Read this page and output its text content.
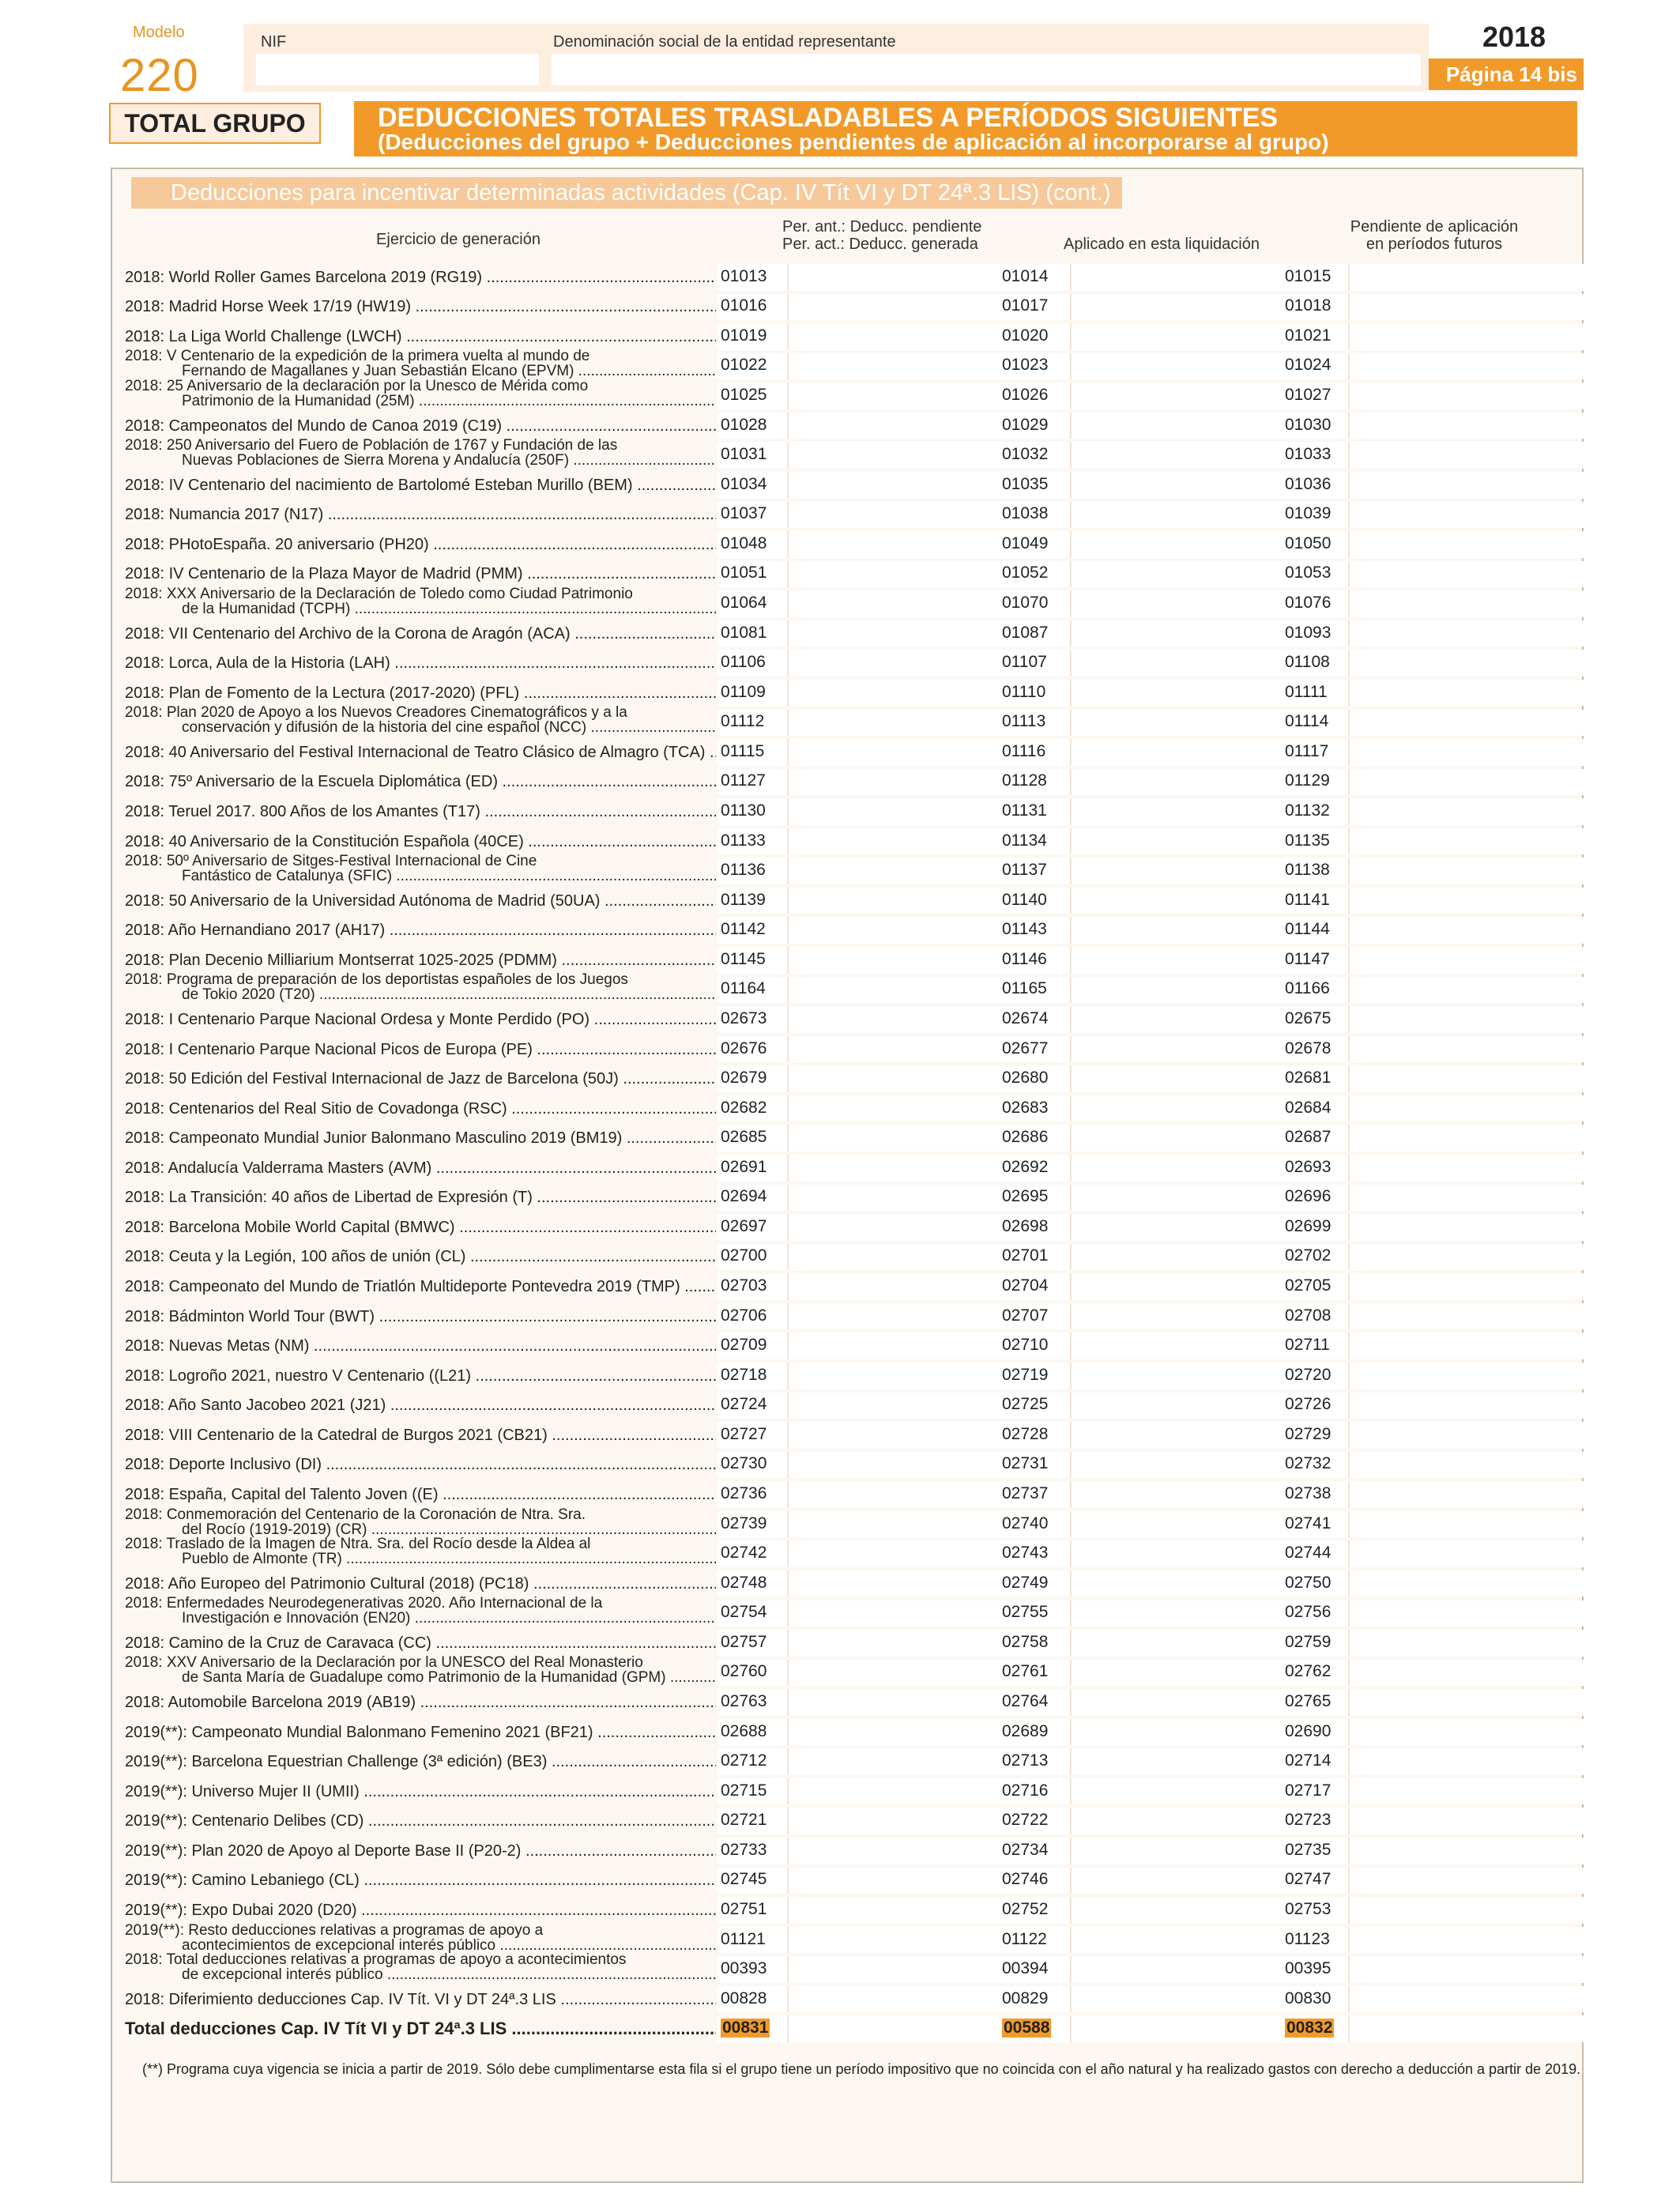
Modelo
220
NIF	Denominación social de la entidad representante	2018
Página 14 bis
TOTAL GRUPO	DEDUCCIONES TOTALES TRASLADABLES A PERÍODOS SIGUIENTES
(Deducciones del grupo + Deducciones pendientes de aplicación al incorporarse al grupo)
Deducciones para incentivar determinadas actividades (Cap. IV Tít VI y DT 24ª.3 LIS) (cont.)
Ejercicio de generación
Per. ant.: Deducc. pendiente
Per. act.: Deducc. generada	Aplicado en esta liquidación
Pendiente de aplicación
en períodos futuros
2018: World Roller Games Barcelona 2019 (RG19) .....	01013	01014	01015
2018: Madrid Horse Week 17/19 (HW19) .....	01016	01017	01018
2018: La Liga World Challenge (LWCH) .....	01019	01020	01021
2018: V Centenario de la expedición de la primera vuelta al mundo de
Fernando de Magallanes y Juan Sebastián Elcano (EPVM) .....	01022	01023	01024
2018: 25 Aniversario de la declaración por la Unesco de Mérida como
Patrimonio de la Humanidad (25M) .....	01025	01026	01027
2018: Campeonatos del Mundo de Canoa 2019 (C19) .....	01028	01029	01030
2018: 250 Aniversario del Fuero de Población de 1767 y Fundación de las
Nuevas Poblaciones de Sierra Morena y Andalucía (250F) .....	01031	01032	01033
2018: IV Centenario del nacimiento de Bartolomé Esteban Murillo (BEM) .....	01034	01035	01036
2018: Numancia 2017 (N17) .....	01037	01038	01039
2018: PHotoEspaña. 20 aniversario (PH20) .....	01048	01049	01050
2018: IV Centenario de la Plaza Mayor de Madrid (PMM) .....	01051	01052	01053
2018: XXX Aniversario de la Declaración de Toledo como Ciudad Patrimonio
de la Humanidad (TCPH) .....	01064	01070	01076
2018: VII Centenario del Archivo de la Corona de Aragón (ACA) .....	01081	01087	01093
2018: Lorca, Aula de la Historia (LAH) .....	01106	01107	01108
2018: Plan de Fomento de la Lectura (2017-2020) (PFL) .....	01109	01110	01111
2018: Plan 2020 de Apoyo a los Nuevos Creadores Cinematográficos y a la
conservación y difusión de la historia del cine español (NCC) .....	01112	01113	01114
2018: 40 Aniversario del Festival Internacional de Teatro Clásico de Almagro (TCA) ..... 01115	01116	01117
2018: 75º Aniversario de la Escuela Diplomática (ED) .....	01127	01128	01129
2018: Teruel 2017. 800 Años de los Amantes (T17) .....	01130	01131	01132
2018: 40 Aniversario de la Constitución Española (40CE) .....	01133	01134	01135
2018: 50º Aniversario de Sitges-Festival Internacional de Cine
Fantástico de Catalunya (SFIC) .....	01136	01137	01138
2018: 50 Aniversario de la Universidad Autónoma de Madrid (50UA) .....	01139	01140	01141
2018: Año Hernandiano 2017 (AH17) .....	01142	01143	01144
2018: Plan Decenio Milliarium Montserrat 1025-2025 (PDMM) .....	01145	01146	01147
2018: Programa de preparación de los deportistas españoles de los Juegos
de Tokio 2020 (T20) .....	01164	01165	01166
2018: I Centenario Parque Nacional Ordesa y Monte Perdido (PO) .....	02673	02674	02675
2018: I Centenario Parque Nacional Picos de Europa (PE) .....	02676	02677	02678
2018: 50 Edición del Festival Internacional de Jazz de Barcelona (50J) .....	02679	02680	02681
2018: Centenarios del Real Sitio de Covadonga (RSC) .....	02682	02683	02684
2018: Campeonato Mundial Junior Balonmano Masculino 2019 (BM19) .....	02685	02686	02687
2018: Andalucía Valderrama Masters (AVM) .....	02691	02692	02693
2018: La Transición: 40 años de Libertad de Expresión (T) .....	02694	02695	02696
2018: Barcelona Mobile World Capital (BMWC) .....	02697	02698	02699
2018: Ceuta y la Legión, 100 años de unión (CL) .....	02700	02701	02702
2018: Campeonato del Mundo de Triatlón Multideporte Pontevedra 2019 (TMP) .....	02703	02704	02705
2018: Bádminton World Tour (BWT) .....	02706	02707	02708
2018: Nuevas Metas (NM) .....	02709	02710	02711
2018: Logroño 2021, nuestro V Centenario ((L21) .....	02718	02719	02720
2018: Año Santo Jacobeo 2021 (J21) .....	02724	02725	02726
2018: VIII Centenario de la Catedral de Burgos 2021 (CB21) .....	02727	02728	02729
2018: Deporte Inclusivo (DI) .....	02730	02731	02732
2018: España, Capital del Talento Joven ((E) .....	02736	02737	02738
2018: Conmemoración del Centenario de la Coronación de Ntra. Sra.
del Rocío (1919-2019) (CR) .....	02739	02740	02741
2018: Traslado de la Imagen de Ntra. Sra. del Rocío desde la Aldea al
Pueblo de Almonte (TR) .....	02742	02743	02744
2018: Año Europeo del Patrimonio Cultural (2018) (PC18) .....	02748	02749	02750
2018: Enfermedades Neurodegenerativas 2020. Año Internacional de la
Investigación e Innovación (EN20) .....	02754	02755	02756
2018: Camino de la Cruz de Caravaca (CC) .....	02757	02758	02759
2018: XXV Aniversario de la Declaración por la UNESCO del Real Monasterio
de Santa María de Guadalupe como Patrimonio de la Humanidad (GPM) .....	02760	02761	02762
2018: Automobile Barcelona 2019 (AB19) .....	02763	02764	02765
2019(**): Campeonato Mundial Balonmano Femenino 2021 (BF21) .....	02688	02689	02690
2019(**): Barcelona Equestrian Challenge (3ª edición) (BE3) .....	02712	02713	02714
2019(**): Universo Mujer II (UMII) .....	02715	02716	02717
2019(**): Centenario Delibes (CD) .....	02721	02722	02723
2019(**): Plan 2020 de Apoyo al Deporte Base II (P20-2) .....	02733	02734	02735
2019(**): Camino Lebaniego (CL) .....	02745	02746	02747
2019(**): Expo Dubai 2020 (D20) .....	02751	02752	02753
2019(**): Resto deducciones relativas a programas de apoyo a
acontecimientos de excepcional interés público .....	01121	01122	01123
2018: Total deducciones relativas a programas de apoyo a acontecimientos
de excepcional interés público .....	00393	00394	00395
2018: Diferimiento deducciones Cap. IV Tít. VI y DT 24ª.3 LIS .....	00828	00829	00830
Total deducciones Cap. IV Tít VI y DT 24ª.3 LIS .....	00831	00588	00832
(**) Programa cuya vigencia se inicia a partir de 2019. Sólo debe cumplimentarse esta fila si el grupo tiene un período impositivo que no coincida con el año natural y ha realizado gastos con derecho a deducción a partir de 2019.
